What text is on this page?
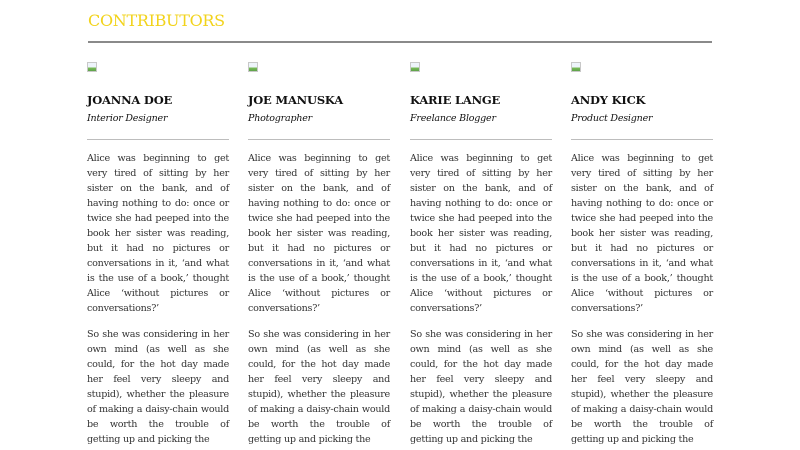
CONTRIBUTORS
JOANNA DOE
Interior Designer

Alice was beginning to get very tired of sitting by her sister on the bank, and of having nothing to do: once or twice she had peeped into the book her sister was reading, but it had no pictures or conversations in it, ‘and what is the use of a book,’ thought Alice ‘without pictures or conversations?’

So she was considering in her own mind (as well as she could, for the hot day made her feel very sleepy and stupid), whether the pleasure of making a daisy-chain would be worth the trouble of getting up and picking the

JOE MANUSKA
Photographer

Alice was beginning to get very tired of sitting by her sister on the bank, and of having nothing to do: once or twice she had peeped into the book her sister was reading, but it had no pictures or conversations in it, ‘and what is the use of a book,’ thought Alice ‘without pictures or conversations?’

So she was considering in her own mind (as well as she could, for the hot day made her feel very sleepy and stupid), whether the pleasure of making a daisy-chain would be worth the trouble of getting up and picking the

KARIE LANGE
Freelance Blogger

Alice was beginning to get very tired of sitting by her sister on the bank, and of having nothing to do: once or twice she had peeped into the book her sister was reading, but it had no pictures or conversations in it, ‘and what is the use of a book,’ thought Alice ‘without pictures or conversations?’

So she was considering in her own mind (as well as she could, for the hot day made her feel very sleepy and stupid), whether the pleasure of making a daisy-chain would be worth the trouble of getting up and picking the

ANDY KICK
Product Designer

Alice was beginning to get very tired of sitting by her sister on the bank, and of having nothing to do: once or twice she had peeped into the book her sister was reading, but it had no pictures or conversations in it, ‘and what is the use of a book,’ thought Alice ‘without pictures or conversations?’

So she was considering in her own mind (as well as she could, for the hot day made her feel very sleepy and stupid), whether the pleasure of making a daisy-chain would be worth the trouble of getting up and picking the
